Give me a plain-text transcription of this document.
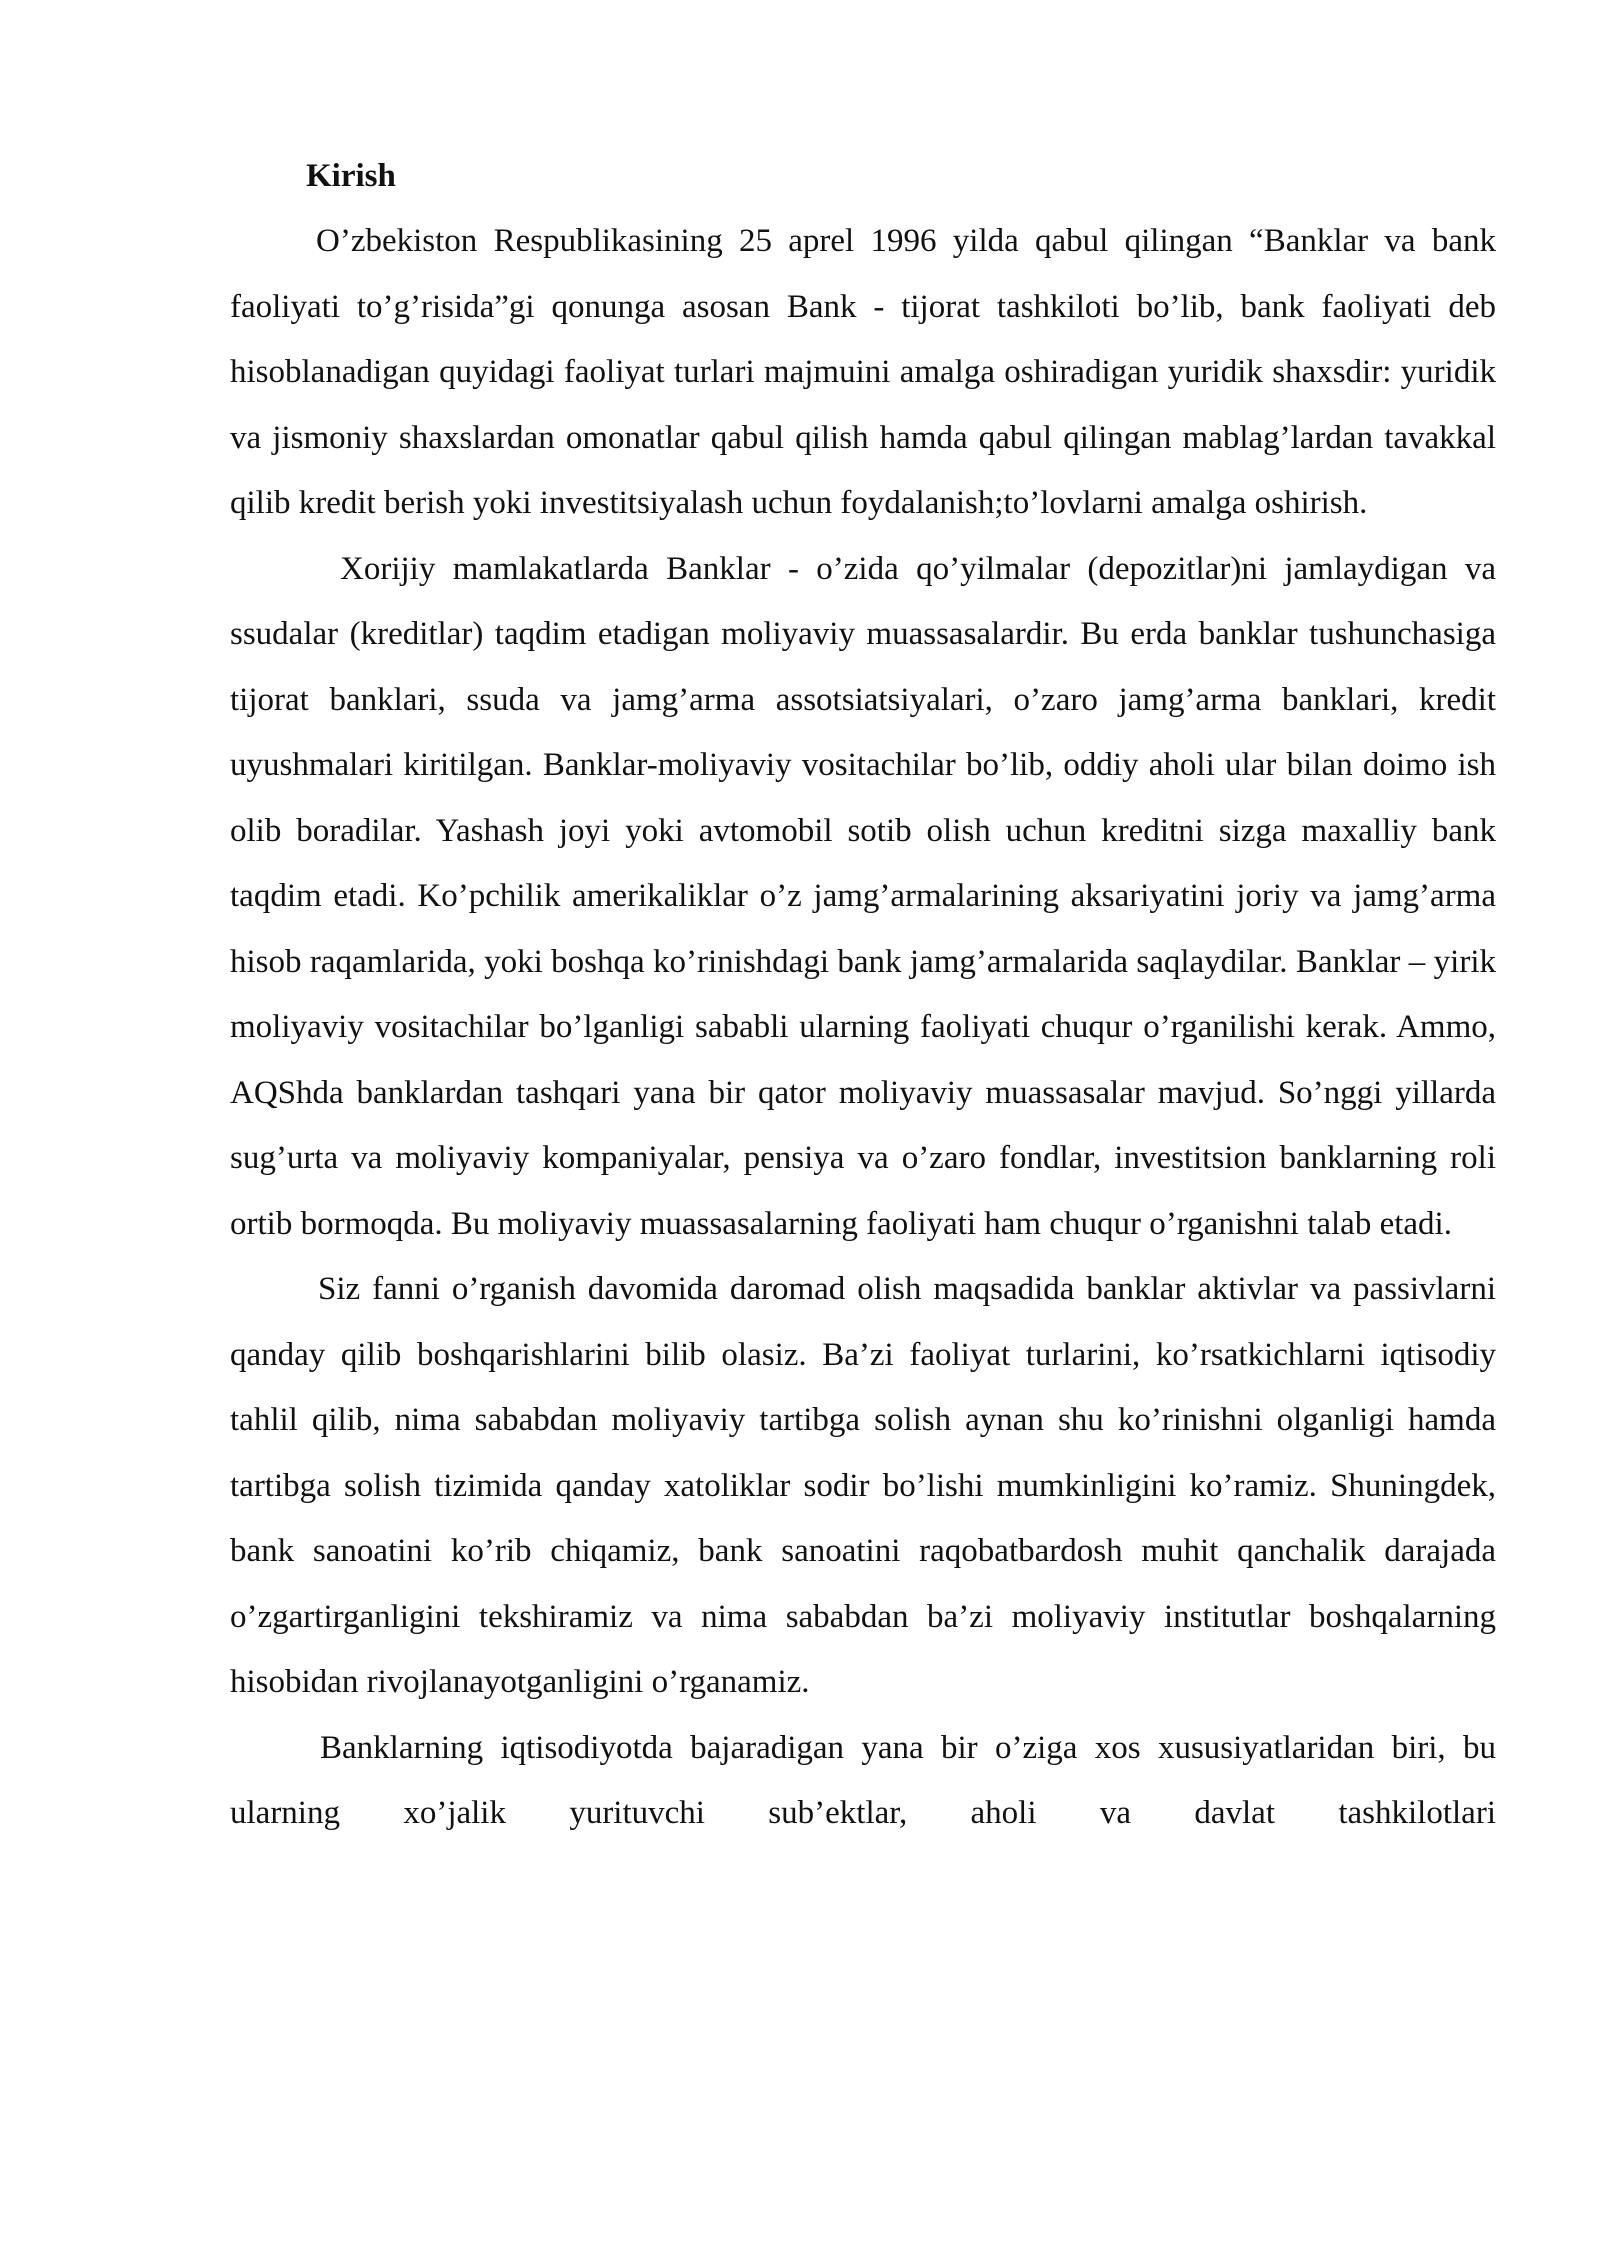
Kirish

O’zbekiston Respublikasining 25 aprel 1996 yilda qabul qilingan “Banklar va bank faoliyati to’g’risida”gi qonunga asosan Bank - tijorat tashkiloti bo’lib, bank faoliyati deb hisoblanadigan quyidagi faoliyat turlari majmuini amalga oshiradigan yuridik shaxsdir: yuridik va jismoniy shaxslardan omonatlar qabul qilish hamda qabul qilingan mablag’lardan tavakkal qilib kredit berish yoki investitsiyalash uchun foydalanish;to’lovlarni amalga oshirish.

Xorijiy mamlakatlarda Banklar - o’zida qo’yilmalar (depozitlar)ni jamlaydigan va ssudalar (kreditlar) taqdim etadigan moliyaviy muassasalardir. Bu erda banklar tushunchasiga tijorat banklari, ssuda va jamg’arma assotsiatsiyalari, o’zaro jamg’arma banklari, kredit uyushmalari kiritilgan. Banklar-moliyaviy vositachilar bo’lib, oddiy aholi ular bilan doimo ish olib boradilar. Yashash joyi yoki avtomobil sotib olish uchun kreditni sizga maxalliy bank taqdim etadi. Ko’pchilik amerikaliklar o’z jamg’armalarining aksariyatini joriy va jamg’arma hisob raqamlarida, yoki boshqa ko’rinishdagi bank jamg’armalarida saqlaydilar. Banklar – yirik moliyaviy vositachilar bo’lganligi sababli ularning faoliyati chuqur o’rganilishi kerak. Ammo, AQShda banklardan tashqari yana bir qator moliyaviy muassasalar mavjud. So’nggi yillarda sug’urta va moliyaviy kompaniyalar, pensiya va o’zaro fondlar, investitsion banklarning roli ortib bormoqda. Bu moliyaviy muassasalarning faoliyati ham chuqur o’rganishni talab etadi.

Siz fanni o’rganish davomida daromad olish maqsadida banklar aktivlar va passivlarni qanday qilib boshqarishlarini bilib olasiz. Ba’zi faoliyat turlarini, ko’rsatkichlarni iqtisodiy tahlil qilib, nima sababdan moliyaviy tartibga solish aynan shu ko’rinishni olganligi hamda tartibga solish tizimida qanday xatoliklar sodir bo’lishi mumkinligini ko’ramiz. Shuningdek, bank sanoatini ko’rib chiqamiz, bank sanoatini raqobatbardosh muhit qanchalik darajada o’zgartirganligini tekshiramiz va nima sababdan ba’zi moliyaviy institutlar boshqalarning hisobidan rivojlanayotganligini o’rganamiz.

Banklarning iqtisodiyotda bajaradigan yana bir o’ziga xos xususiyatlaridan biri, bu ularning xo’jalik yurituvchi sub’ektlar, aholi va davlat tashkilotlari
